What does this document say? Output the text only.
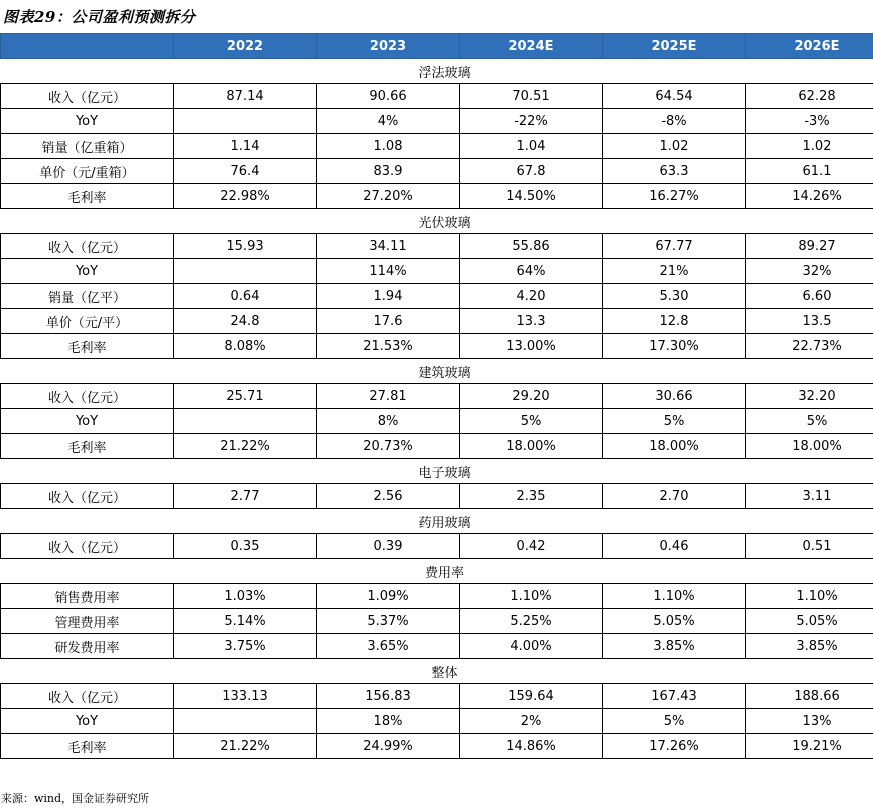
图表29：公司盈利预测拆分
	2022	2023	2024E	2025E	2026E
浮法玻璃					
收入（亿元）	87.14	90.66	70.51	64.54	62.28
YoY		4%	-22%	-8%	-3%
销量（亿重箱）	1.14	1.08	1.04	1.02	1.02
单价（元/重箱）	76.4	83.9	67.8	63.3	61.1
毛利率	22.98%	27.20%	14.50%	16.27%	14.26%
光伏玻璃					
收入（亿元）	15.93	34.11	55.86	67.77	89.27
YoY		114%	64%	21%	32%
销量（亿平）	0.64	1.94	4.20	5.30	6.60
单价（元/平）	24.8	17.6	13.3	12.8	13.5
毛利率	8.08%	21.53%	13.00%	17.30%	22.73%
建筑玻璃					
收入（亿元）	25.71	27.81	29.20	30.66	32.20
YoY		8%	5%	5%	5%
毛利率	21.22%	20.73%	18.00%	18.00%	18.00%
电子玻璃					
收入（亿元）	2.77	2.56	2.35	2.70	3.11
药用玻璃					
收入（亿元）	0.35	0.39	0.42	0.46	0.51
费用率					
销售费用率	1.03%	1.09%	1.10%	1.10%	1.10%
管理费用率	5.14%	5.37%	5.25%	5.05%	5.05%
研发费用率	3.75%	3.65%	4.00%	3.85%	3.85%
整体					
收入（亿元）	133.13	156.83	159.64	167.43	188.66
YoY		18%	2%	5%	13%
毛利率	21.22%	24.99%	14.86%	17.26%	19.21%
来源：wind，国金证券研究所
